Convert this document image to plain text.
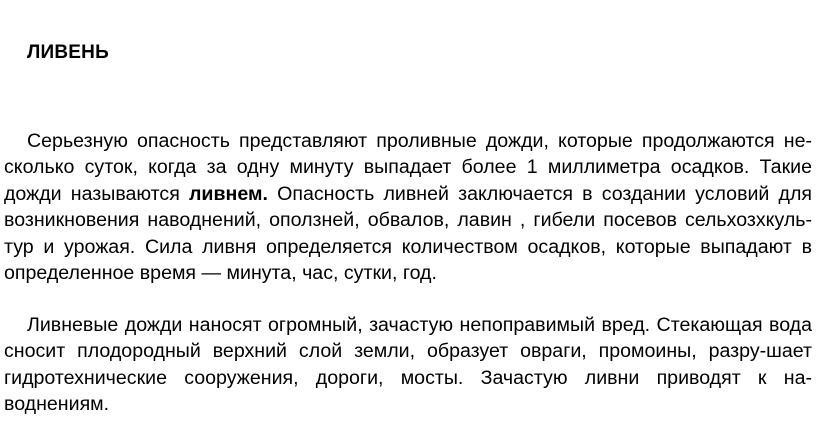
ЛИВЕНЬ

Серьезную опасность представляют проливные дожди, которые продолжаются не-сколько суток, когда за одну минуту выпадает более 1 миллиметра осадков. Такие дожди называются ливнем. Опасность ливней заключается в создании условий для возникновения наводнений, оползней, обвалов, лавин , гибели посевов сельхозхкуль-тур и урожая. Сила ливня определяется количеством осадков, которые выпадают в определенное время — минута, час, сутки, год.

Ливневые дожди наносят огромный, зачастую непоправимый вред. Стекающая вода сносит плодородный верхний слой земли, образует овраги, промоины, разру-шает гидротехнические сооружения, дороги, мосты. Зачастую ливни приводят к на-воднениям.
